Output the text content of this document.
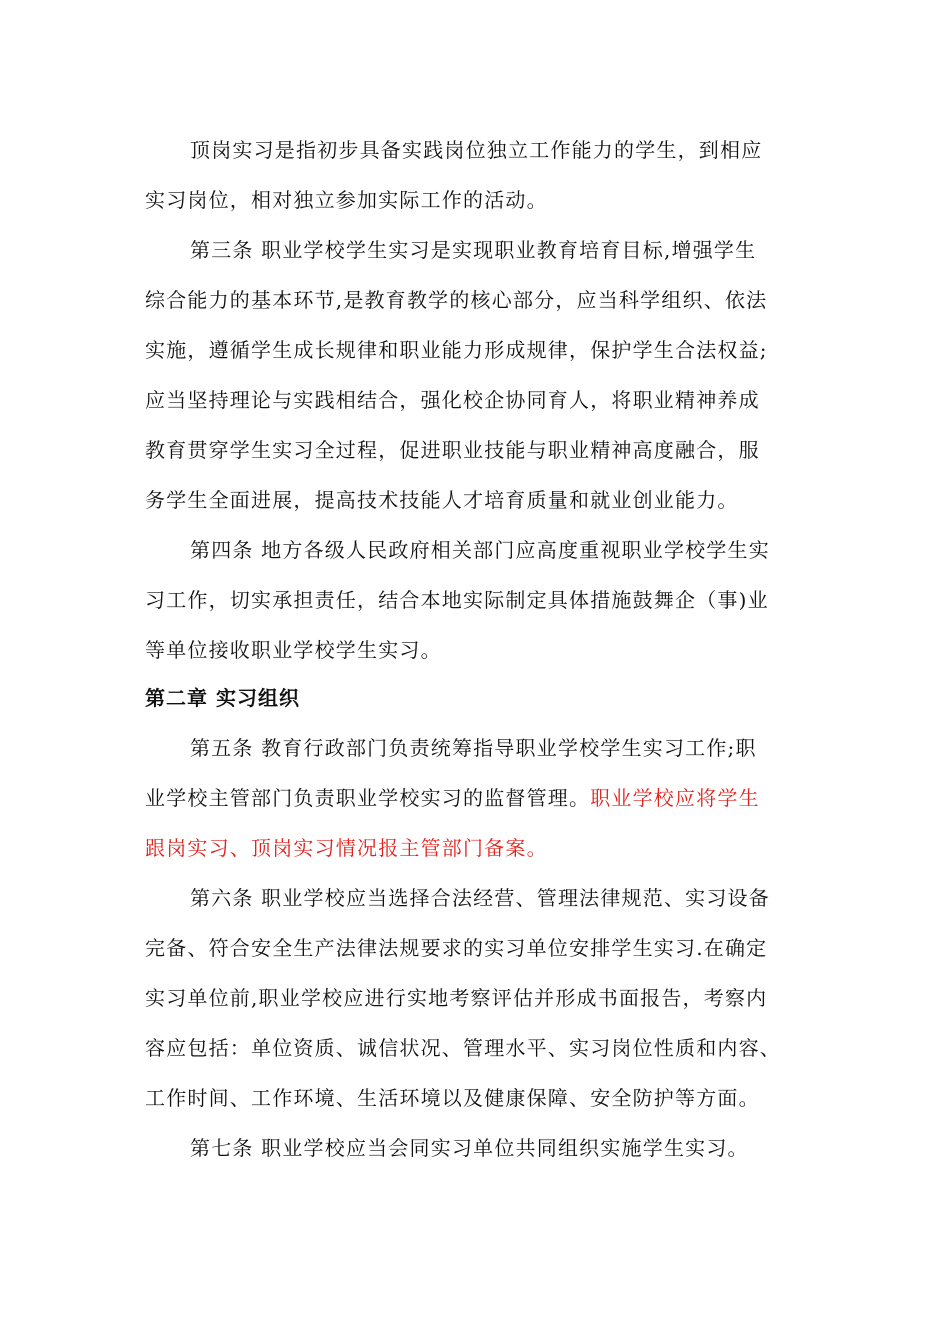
顶岗实习是指初步具备实践岗位独立工作能力的学生，到相应
实习岗位，相对独立参加实际工作的活动。
第三条 职业学校学生实习是实现职业教育培育目标,增强学生
综合能力的基本环节,是教育教学的核心部分，应当科学组织、依法
实施，遵循学生成长规律和职业能力形成规律，保护学生合法权益;
应当坚持理论与实践相结合，强化校企协同育人，将职业精神养成
教育贯穿学生实习全过程，促进职业技能与职业精神高度融合，服
务学生全面进展，提高技术技能人才培育质量和就业创业能力。
第四条 地方各级人民政府相关部门应高度重视职业学校学生实
习工作，切实承担责任，结合本地实际制定具体措施鼓舞企（事)业
等单位接收职业学校学生实习。
第二章 实习组织
第五条 教育行政部门负责统筹指导职业学校学生实习工作;职
业学校主管部门负责职业学校实习的监督管理。职业学校应将学生
跟岗实习、顶岗实习情况报主管部门备案。
第六条 职业学校应当选择合法经营、管理法律规范、实习设备
完备、符合安全生产法律法规要求的实习单位安排学生实习.在确定
实习单位前,职业学校应进行实地考察评估并形成书面报告，考察内
容应包括：单位资质、诚信状况、管理水平、实习岗位性质和内容、
工作时间、工作环境、生活环境以及健康保障、安全防护等方面。
第七条 职业学校应当会同实习单位共同组织实施学生实习。
